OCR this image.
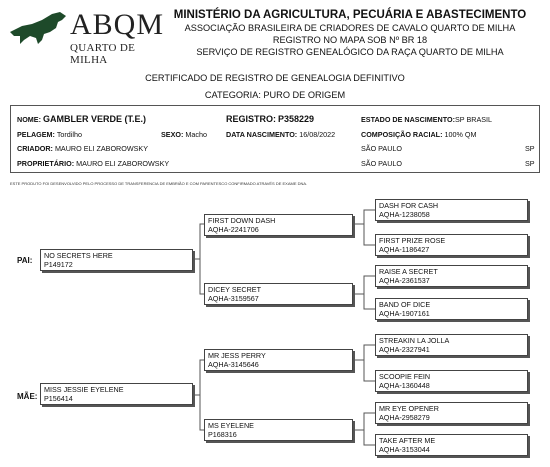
ABQM
QUARTO DE MILHA
MINISTÉRIO DA AGRICULTURA, PECUÁRIA E ABASTECIMENTO
ASSOCIAÇÃO BRASILEIRA DE CRIADORES DE CAVALO QUARTO DE MILHA
REGISTRO NO MAPA SOB Nº BR 18
SERVIÇO DE REGISTRO GENEALÓGICO DA RAÇA QUARTO DE MILHA
CERTIFICADO DE REGISTRO DE GENEALOGIA DEFINITIVO
CATEGORIA: PURO DE ORIGEM
NOME: GAMBLER VERDE (T.E.)	REGISTRO: P358229	ESTADO DE NASCIMENTO:SP BRASIL
PELAGEM: Tordilho	SEXO: Macho	DATA NASCIMENTO: 16/08/2022	COMPOSIÇÃO RACIAL: 100% QM
CRIADOR: MAURO ELI ZABOROWSKY	SÃO PAULO	SP
PROPRIETÁRIO: MAURO ELI ZABOROWSKY	SÃO PAULO	SP
ESTE PRODUTO FOI DESENVOLVIDO PELO PROCESSO DE TRANSFERENCIA DE EMBRIÃO E COM PARENTESCO CONFIRMADO ATRAVÉS DE EXAME DNA.
PAI:
MÃE:
NO SECRETS HERE
P149172
MISS JESSIE EYELENE
P156414
FIRST DOWN DASH
AQHA-2241706
DICEY SECRET
AQHA-3159567
MR JESS PERRY
AQHA-3145646
MS EYELENE
P168316
DASH FOR CASH
AQHA-1238058
FIRST PRIZE ROSE
AQHA-1186427
RAISE A SECRET
AQHA-2361537
BAND OF DICE
AQHA-1907161
STREAKIN LA JOLLA
AQHA-2327941
SCOOPIE FEIN
AQHA-1360448
MR EYE OPENER
AQHA-2958279
TAKE AFTER ME
AQHA-3153044
